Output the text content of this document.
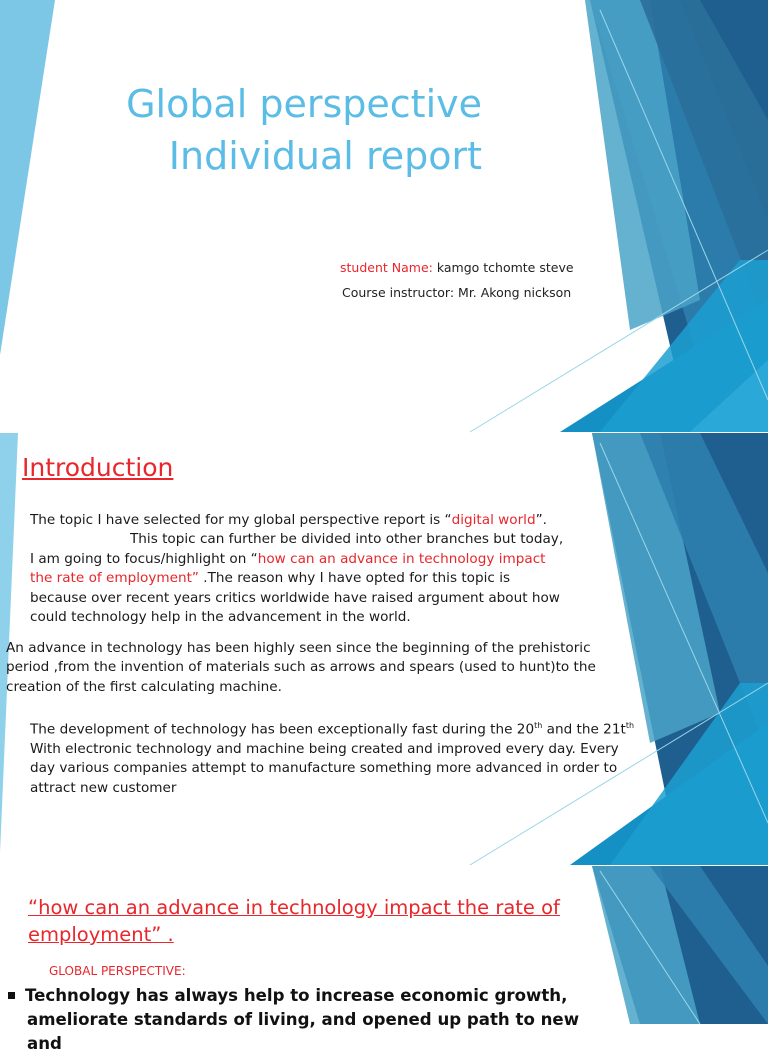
Global perspective
Individual report
student Name: kamgo tchomte steve
Course instructor: Mr. Akong nickson
Introduction
The topic I have selected for my global perspective report is “digital world”.
This topic can further be divided into other branches but today,
I am going to focus/highlight on “how can an advance in technology impact
the rate of employment” .The reason why I have opted for this topic is
because over recent years critics worldwide have raised argument about how
could technology help in the advancement in the world.
An advance in technology has been highly seen since the beginning of the prehistoric
period ,from the invention of materials such as arrows and spears (used to hunt)to the
creation of the first calculating machine.
The development of technology has been exceptionally fast during the 20th and the $21t^{th}$
With electronic technology and machine being created and improved every day. Every
day various companies attempt to manufacture something more advanced in order to
attract new customer
“how can an advance in technology impact the rate of
employment” .
GLOBAL PERSPECTIVE:
Technology has always help to increase economic growth,
ameliorate standards of living, and opened up path to new and
